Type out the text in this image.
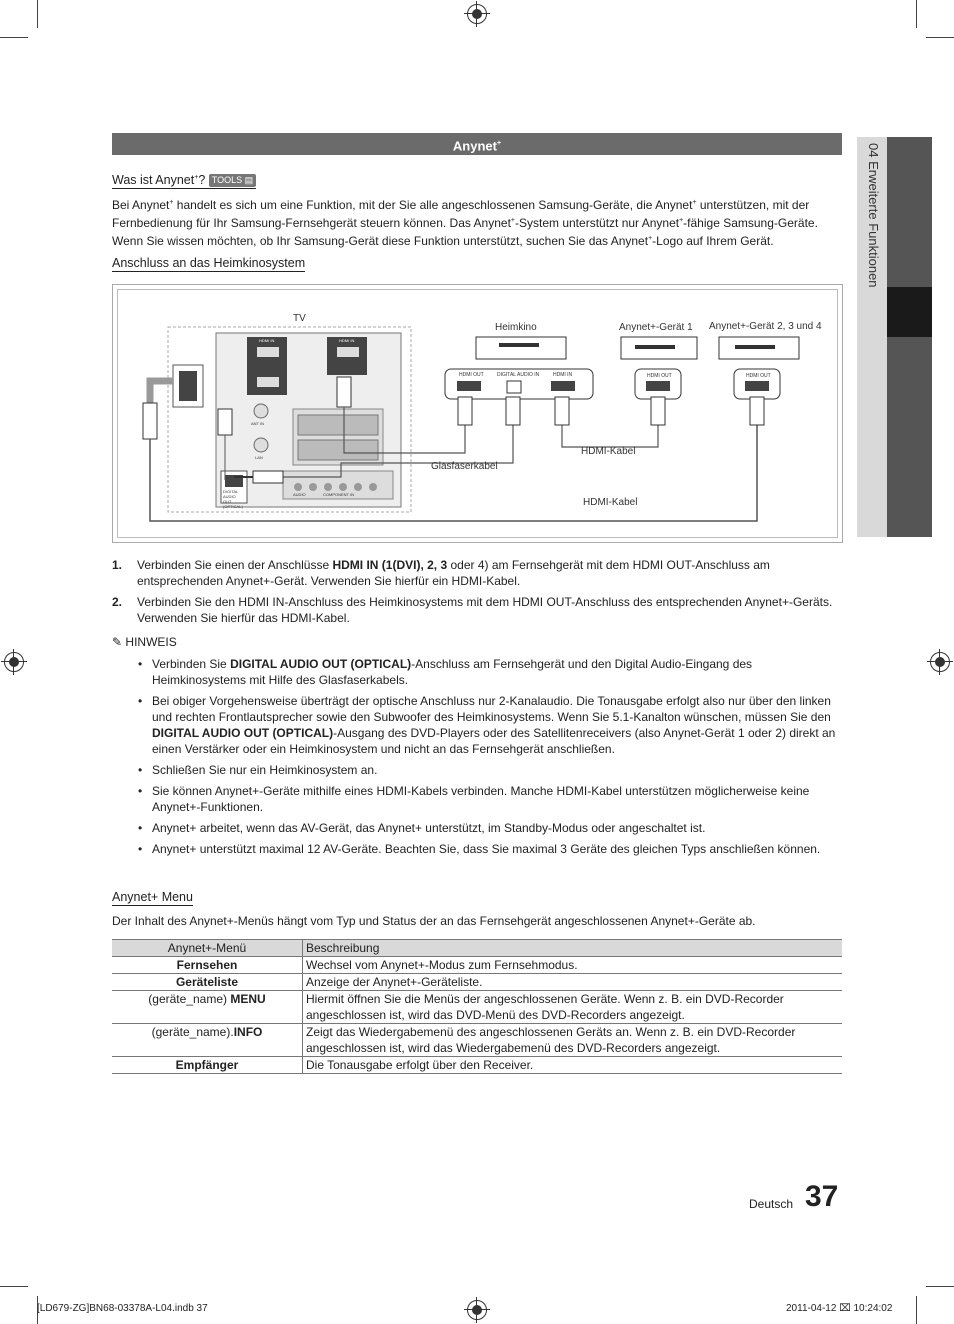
04 Erweiterte Funktionen
Anynet+
Was ist Anynet+? TOOLS ▤
Bei Anynet+ handelt es sich um eine Funktion, mit der Sie alle angeschlossenen Samsung-Geräte, die Anynet+ unterstützen, mit der Fernbedienung für Ihr Samsung-Fernsehgerät steuern können. Das Anynet+-System unterstützt nur Anynet+-fähige Samsung-Geräte. Wenn Sie wissen möchten, ob Ihr Samsung-Gerät diese Funktion unterstützt, suchen Sie das Anynet+-Logo auf Ihrem Gerät.
Anschluss an das Heimkinosystem
TV
Heimkino	Anynet+-Gerät 1 Anynet+-Gerät 2, 3 und 4
Glasfaserkabel
HDMI-Kabel
HDMI-Kabel
HDMI OUT	DIGITAL AUDIO IN	HDMI IN	HDMI OUT	HDMI OUT
HDMI IN	HDMI IN
DIGITAL AUDIO OUT (OPTICAL)
ANT IN
LAN
COMPONENT IN
AUDIO
1. Verbinden Sie einen der Anschlüsse HDMI IN (1(DVI), 2, 3 oder 4) am Fernsehgerät mit dem HDMI OUT-Anschluss am entsprechenden Anynet+-Gerät. Verwenden Sie hierfür ein HDMI-Kabel.
2. Verbinden Sie den HDMI IN-Anschluss des Heimkinosystems mit dem HDMI OUT-Anschluss des entsprechenden Anynet+-Geräts. Verwenden Sie hierfür das HDMI-Kabel.
✎ HINWEIS
• Verbinden Sie DIGITAL AUDIO OUT (OPTICAL)-Anschluss am Fernsehgerät und den Digital Audio-Eingang des Heimkinosystems mit Hilfe des Glasfaserkabels.
• Bei obiger Vorgehensweise überträgt der optische Anschluss nur 2-Kanalaudio. Die Tonausgabe erfolgt also nur über den linken und rechten Frontlautsprecher sowie den Subwoofer des Heimkinosystems. Wenn Sie 5.1-Kanalton wünschen, müssen Sie den DIGITAL AUDIO OUT (OPTICAL)-Ausgang des DVD-Players oder des Satellitenreceivers (also Anynet-Gerät 1 oder 2) direkt an einen Verstärker oder ein Heimkinosystem und nicht an das Fernsehgerät anschließen.
• Schließen Sie nur ein Heimkinosystem an.
• Sie können Anynet+-Geräte mithilfe eines HDMI-Kabels verbinden. Manche HDMI-Kabel unterstützen möglicherweise keine Anynet+-Funktionen.
• Anynet+ arbeitet, wenn das AV-Gerät, das Anynet+ unterstützt, im Standby-Modus oder angeschaltet ist.
• Anynet+ unterstützt maximal 12 AV-Geräte. Beachten Sie, dass Sie maximal 3 Geräte des gleichen Typs anschließen können.
Anynet+ Menu
Der Inhalt des Anynet+-Menüs hängt vom Typ und Status der an das Fernsehgerät angeschlossenen Anynet+-Geräte ab.
Anynet+-Menü	Beschreibung
Fernsehen	Wechsel vom Anynet+-Modus zum Fernsehmodus.
Geräteliste	Anzeige der Anynet+-Geräteliste.
(geräte_name) MENU	Hiermit öffnen Sie die Menüs der angeschlossenen Geräte. Wenn z. B. ein DVD-Recorder angeschlossen ist, wird das DVD-Menü des DVD-Recorders angezeigt.
(geräte_name).INFO	Zeigt das Wiedergabemenü des angeschlossenen Geräts an. Wenn z. B. ein DVD-Recorder angeschlossen ist, wird das Wiedergabemenü des DVD-Recorders angezeigt.
Empfänger	Die Tonausgabe erfolgt über den Receiver.
Deutsch 37
[LD679-ZG]BN68-03378A-L04.indb 37	2011-04-12 ⌧ 10:24:02
